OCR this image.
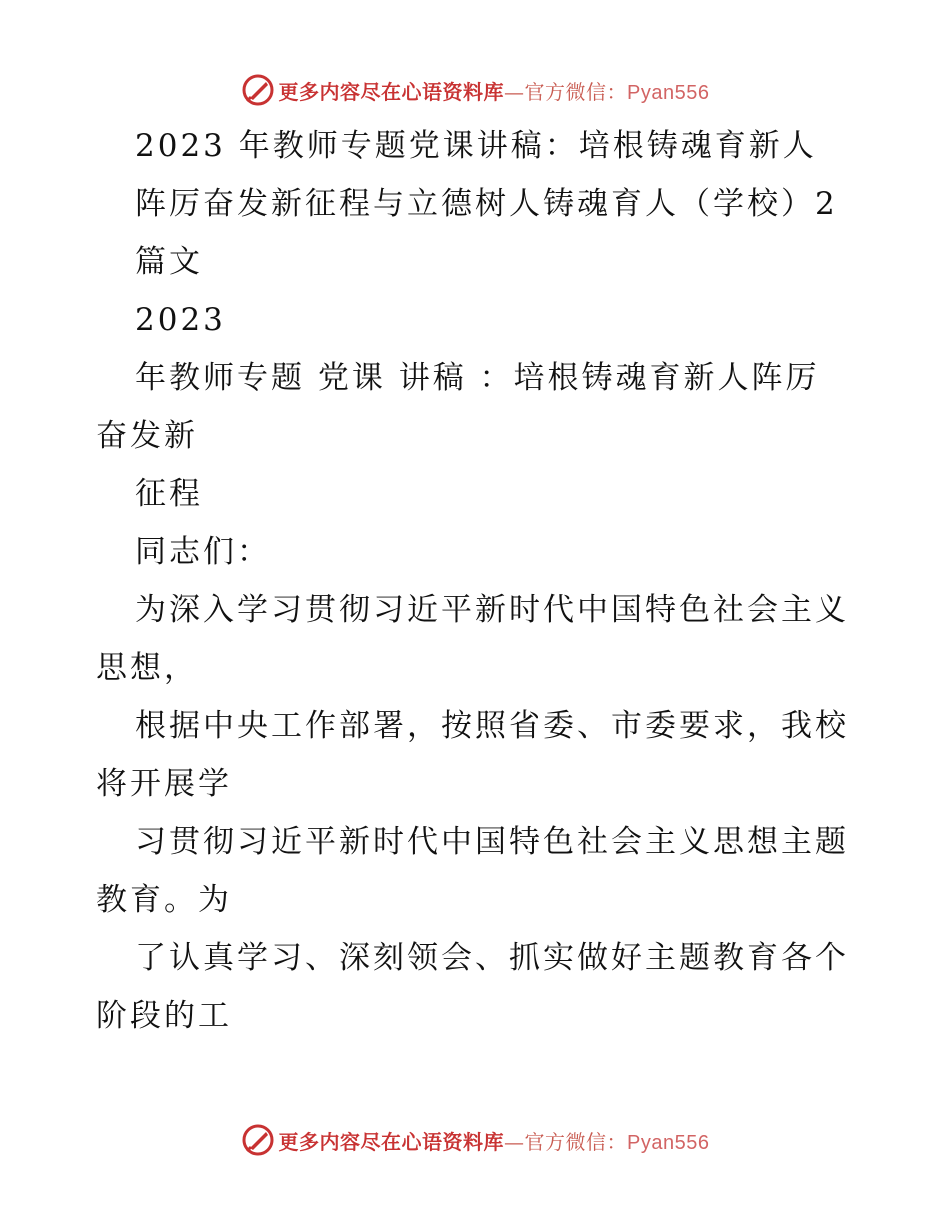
更多内容尽在心语资料库—官方微信：Pyan556
2023 年教师专题党课讲稿：培根铸魂育新人
阵厉奋发新征程与立德树人铸魂育人（学校）2
篇文
2023
年教师专题 党课 讲稿 ：培根铸魂育新人阵厉
奋发新
征程
同志们：
为深入学习贯彻习近平新时代中国特色社会主义
思想，
根据中央工作部署，按照省委、市委要求，我校
将开展学
习贯彻习近平新时代中国特色社会主义思想主题
教育。为
了认真学习、深刻领会、抓实做好主题教育各个
阶段的工
更多内容尽在心语资料库—官方微信：Pyan556
